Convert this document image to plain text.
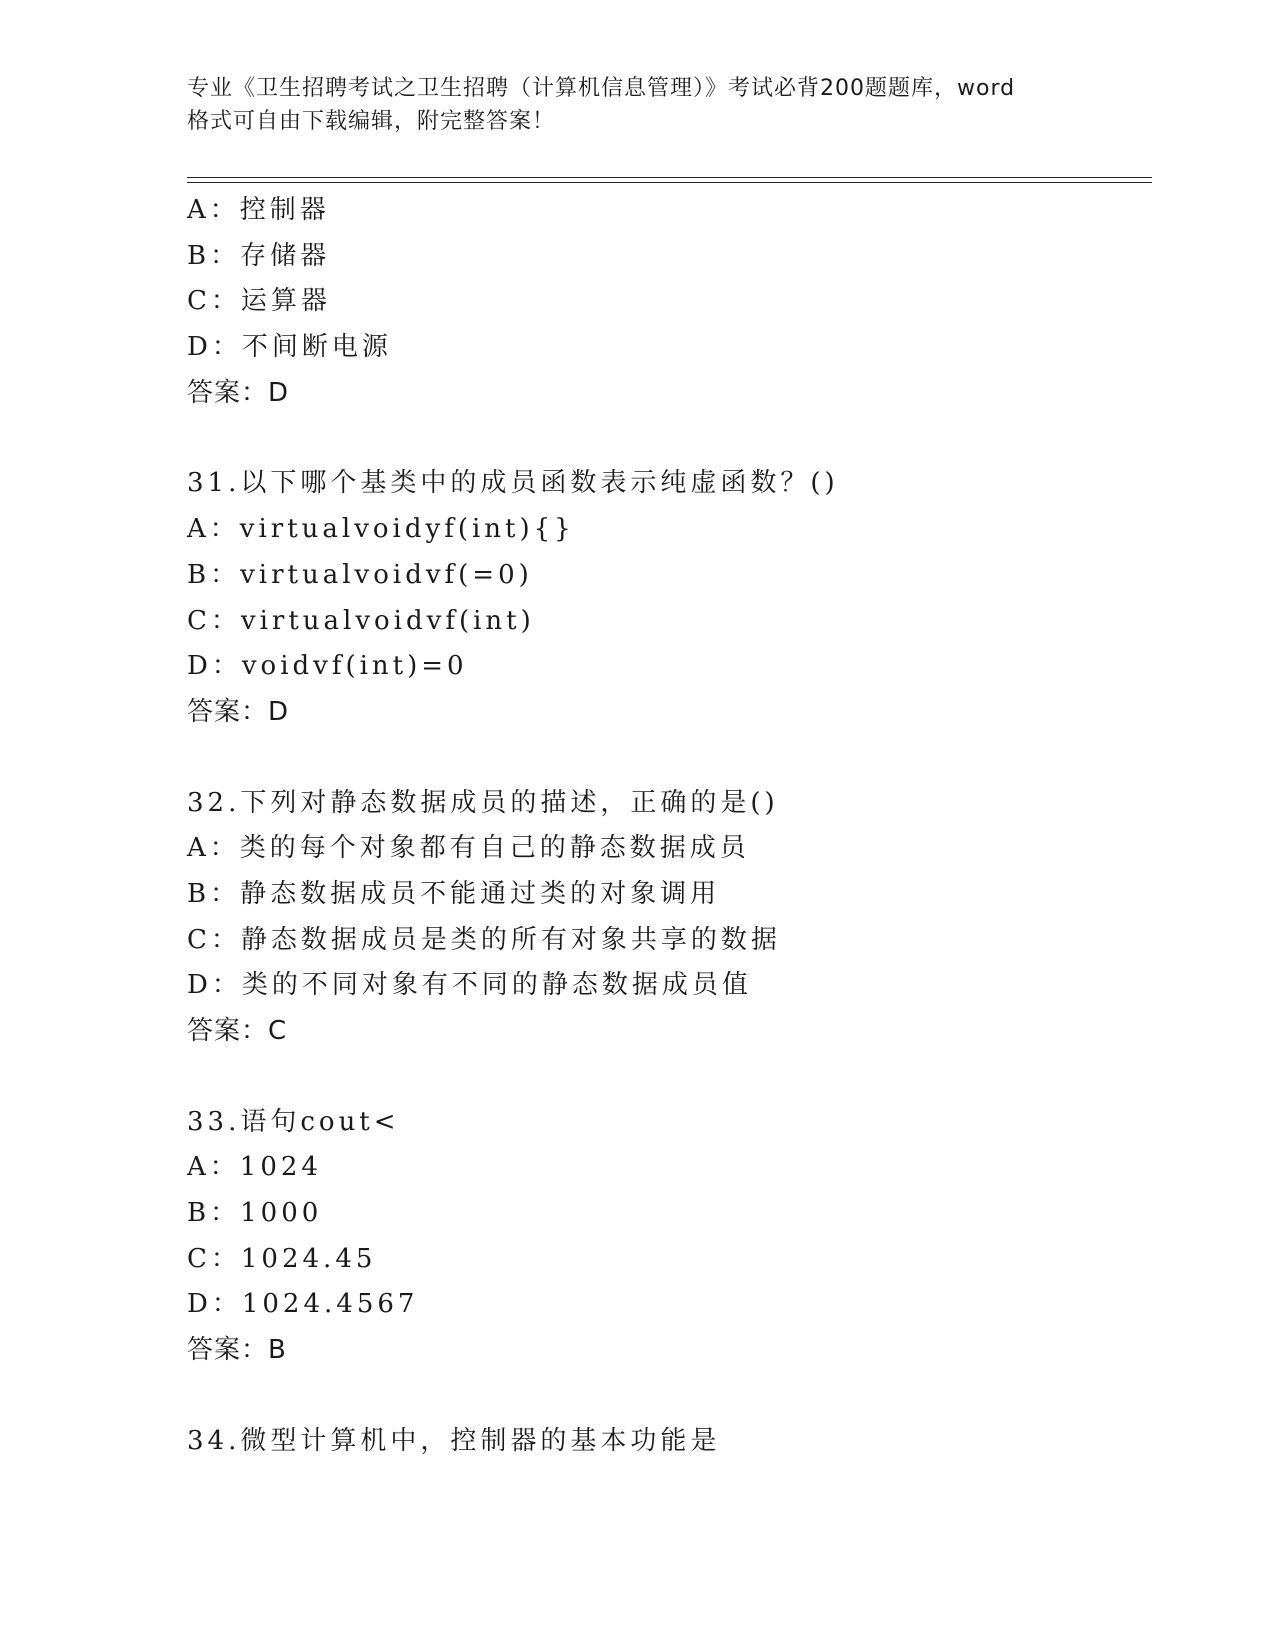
专业《卫生招聘考试之卫生招聘（计算机信息管理）》考试必背200题题库，word
格式可自由下载编辑，附完整答案！
A：控制器
B：存储器
C：运算器
D：不间断电源
答案：D
31.以下哪个基类中的成员函数表示纯虚函数？()
A：virtualvoidyf(int){}
B：virtualvoidvf(=0)
C：virtualvoidvf(int)
D：voidvf(int)=0
答案：D
32.下列对静态数据成员的描述，正确的是()
A：类的每个对象都有自己的静态数据成员
B：静态数据成员不能通过类的对象调用
C：静态数据成员是类的所有对象共享的数据
D：类的不同对象有不同的静态数据成员值
答案：C
33.语句cout<
A：1024
B：1000
C：1024.45
D：1024.4567
答案：B
34.微型计算机中，控制器的基本功能是
